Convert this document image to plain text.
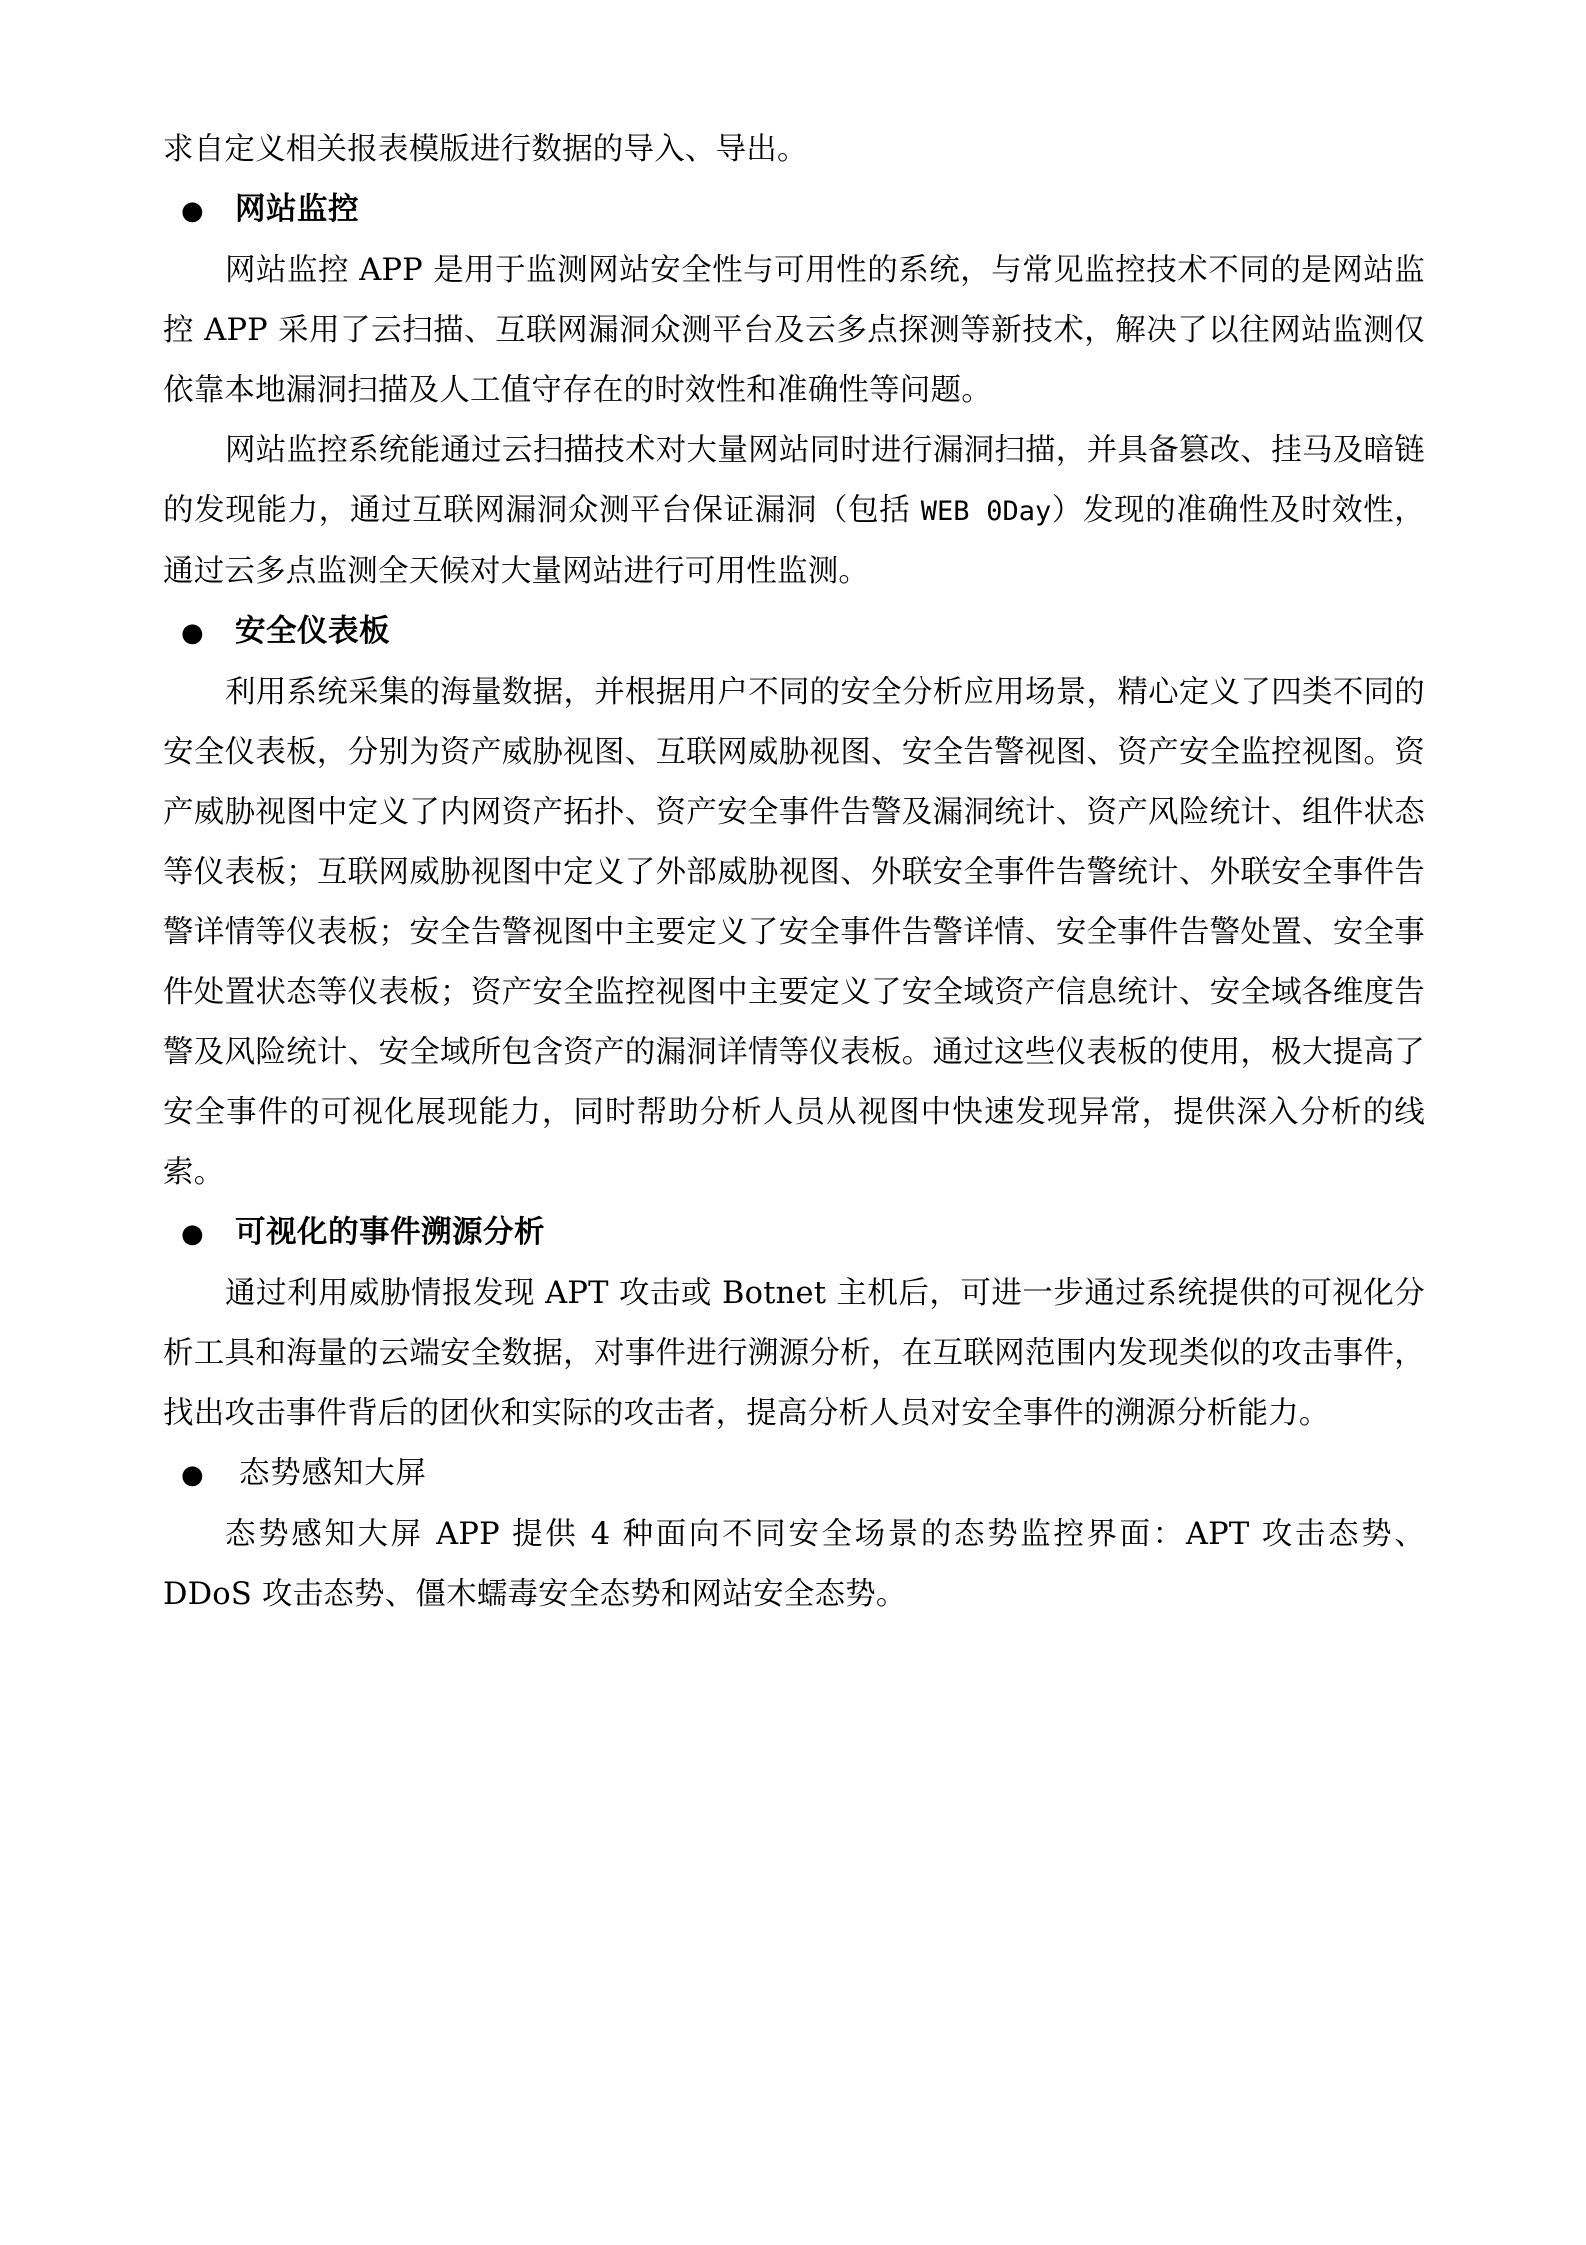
求自定义相关报表模版进行数据的导入、导出。

●	网站监控

网站监控 APP 是用于监测网站安全性与可用性的系统，与常见监控技术不同的是网站监控 APP 采用了云扫描、互联网漏洞众测平台及云多点探测等新技术，解决了以往网站监测仅依靠本地漏洞扫描及人工值守存在的时效性和准确性等问题。

网站监控系统能通过云扫描技术对大量网站同时进行漏洞扫描，并具备篡改、挂马及暗链的发现能力，通过互联网漏洞众测平台保证漏洞（包括 WEB 0Day）发现的准确性及时效性，通过云多点监测全天候对大量网站进行可用性监测。

●	安全仪表板

利用系统采集的海量数据，并根据用户不同的安全分析应用场景，精心定义了四类不同的安全仪表板，分别为资产威胁视图、互联网威胁视图、安全告警视图、资产安全监控视图。资产威胁视图中定义了内网资产拓扑、资产安全事件告警及漏洞统计、资产风险统计、组件状态等仪表板；互联网威胁视图中定义了外部威胁视图、外联安全事件告警统计、外联安全事件告警详情等仪表板；安全告警视图中主要定义了安全事件告警详情、安全事件告警处置、安全事件处置状态等仪表板；资产安全监控视图中主要定义了安全域资产信息统计、安全域各维度告警及风险统计、安全域所包含资产的漏洞详情等仪表板。通过这些仪表板的使用，极大提高了安全事件的可视化展现能力，同时帮助分析人员从视图中快速发现异常，提供深入分析的线索。

●	可视化的事件溯源分析

通过利用威胁情报发现 APT 攻击或 Botnet 主机后，可进一步通过系统提供的可视化分析工具和海量的云端安全数据，对事件进行溯源分析，在互联网范围内发现类似的攻击事件，找出攻击事件背后的团伙和实际的攻击者，提高分析人员对安全事件的溯源分析能力。

●	态势感知大屏

态势感知大屏 APP 提供 4 种面向不同安全场景的态势监控界面：APT 攻击态势、DDoS 攻击态势、僵木蠕毒安全态势和网站安全态势。
